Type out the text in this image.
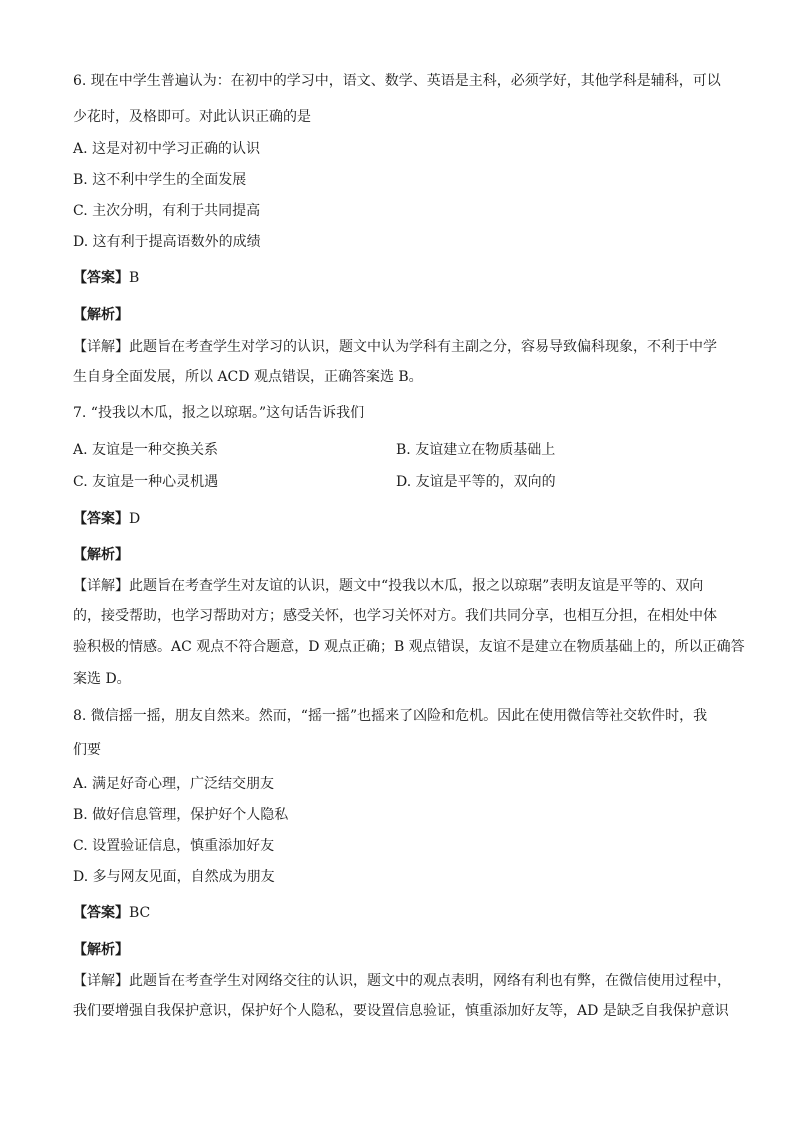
6. 现在中学生普遍认为：在初中的学习中，语文、数学、英语是主科，必须学好，其他学科是辅科，可以
少花时，及格即可。对此认识正确的是
A. 这是对初中学习正确的认识
B. 这不利中学生的全面发展
C. 主次分明，有利于共同提高
D. 这有利于提高语数外的成绩
【答案】B
【解析】
【详解】此题旨在考查学生对学习的认识，题文中认为学科有主副之分，容易导致偏科现象，不利于中学
生自身全面发展，所以 ACD 观点错误，正确答案选 B。
7. “投我以木瓜，报之以琼琚。”这句话告诉我们
A. 友谊是一种交换关系	B. 友谊建立在物质基础上
C. 友谊是一种心灵机遇	D. 友谊是平等的，双向的
【答案】D
【解析】
【详解】此题旨在考查学生对友谊的认识，题文中“投我以木瓜，报之以琼琚”表明友谊是平等的、双向
的，接受帮助，也学习帮助对方；感受关怀，也学习关怀对方。我们共同分享，也相互分担，在相处中体
验积极的情感。AC 观点不符合题意，D 观点正确；B 观点错误，友谊不是建立在物质基础上的，所以正确答
案选 D。
8. 微信摇一摇，朋友自然来。然而，“摇一摇”也摇来了凶险和危机。因此在使用微信等社交软件时，我
们要
A. 满足好奇心理，广泛结交朋友
B. 做好信息管理，保护好个人隐私
C. 设置验证信息，慎重添加好友
D. 多与网友见面，自然成为朋友
【答案】BC
【解析】
【详解】此题旨在考查学生对网络交往的认识，题文中的观点表明，网络有利也有弊，在微信使用过程中，
我们要增强自我保护意识，保护好个人隐私，要设置信息验证，慎重添加好友等，AD 是缺乏自我保护意识
